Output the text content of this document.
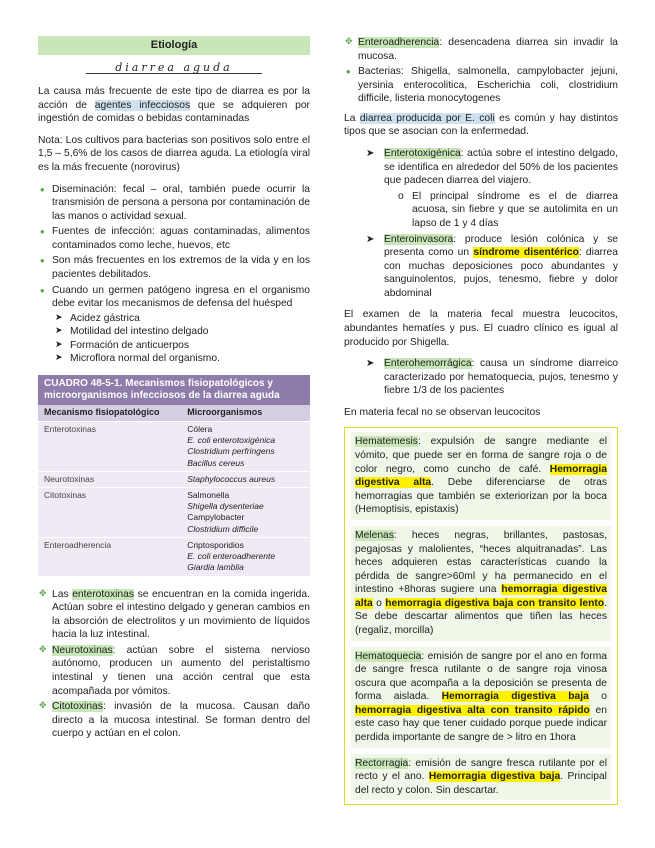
Etiología
diarrea aguda

La causa más frecuente de este tipo de diarrea es por la acción de agentes infecciosos que se adquieren por ingestión de comidas o bebidas contaminadas

Nota: Los cultivos para bacterias son positivos solo entre el 1,5 – 5,6% de los casos de diarrea aguda. La etiología viral es la más frecuente (norovirus)

• Diseminación: fecal – oral, también puede ocurrir la transmisión de persona a persona por contaminación de las manos o actividad sexual.
• Fuentes de infección: aguas contaminadas, alimentos contaminados como leche, huevos, etc
• Son más frecuentes en los extremos de la vida y en los pacientes debilitados.
• Cuando un germen patógeno ingresa en el organismo debe evitar los mecanismos de defensa del huésped
➤ Acidez gástrica
➤ Motilidad del intestino delgado
➤ Formación de anticuerpos
➤ Microflora normal del organismo.
CUADRO 48-5-1. Mecanismos fisiopatológicos y microorganismos infecciosos de la diarrea aguda	
Mecanismo fisiopatológico	Microorganismos
Enterotoxinas	Cólera
E. coli enterotoxigénica
Clostridium perfringens
Bacillus cereus

Neurotoxinas	Staphylococcus aureus

Citotoxinas	Salmonella
Shigella dysenteriae
Campylobacter
Clostridium difficile

Enteroadherencia	Criptosporidios
E. coli enteroadherente
Giardia lamblia
✥ Las enterotoxinas se encuentran en la comida ingerida. Actúan sobre el intestino delgado y generan cambios en la absorción de electrolitos y un movimiento de líquidos hacia la luz intestinal.
✥ Neurotoxinas: actúan sobre el sistema nervioso autónomo, producen un aumento del peristaltismo intestinal y tienen una acción central que esta acompañada por vómitos.
✥ Citotoxinas: invasión de la mucosa. Causan daño directo a la mucosa intestinal. Se forman dentro del cuerpo y actúan en el colon.
✥ Enteroadherencia: desencadena diarrea sin invadir la mucosa.
• Bacterias: Shigella, salmonella, campylobacter jejuni, yersinia enterocolitica, Escherichia coli, clostridium difficile, listeria monocytogenes

La diarrea producida por E. coli es común y hay distintos tipos que se asocian con la enfermedad.

➤ Enterotoxigénica: actúa sobre el intestino delgado, se identifica en alrededor del 50% de los pacientes que padecen diarrea del viajero.
o El principal síndrome es el de diarrea acuosa, sin fiebre y que se autolimita en un lapso de 1 y 4 días
➤ Enteroinvasora: produce lesión colónica y se presenta como un síndrome disentérico: diarrea con muchas deposiciones poco abundantes y sanguinolentos, pujos, tenesmo, fiebre y dolor abdominal

El examen de la materia fecal muestra leucocitos, abundantes hematíes y pus. El cuadro clínico es igual al producido por Shigella.

➤ Enterohemorrágica: causa un síndrome diarreico caracterizado por hematoquecia, pujos, tenesmo y fiebre 1/3 de los pacientes

En materia fecal no se observan leucocitos

Hematemesis: expulsión de sangre mediante el vómito, que puede ser en forma de sangre roja o de color negro, como cuncho de café. Hemorragia digestiva alta. Debe diferenciarse de otras hemorragias que también se exteriorizan por la boca (Hemoptisis, epistaxis)
Melenas: heces negras, brillantes, pastosas, pegajosas y malolientes, “heces alquitranadas”. Las heces adquieren estas características cuando la pérdida de sangre>60ml y ha permanecido en el intestino +8horas sugiere una hemorragia digestiva alta o hemorragia digestiva baja con transito lento. Se debe descartar alimentos que tiñen las heces (regaliz, morcilla)
Hematoquecia: emisión de sangre por el ano en forma de sangre fresca rutilante o de sangre roja vinosa oscura que acompaña a la deposición se presenta de forma aislada. Hemorragia digestiva baja o hemorragia digestiva alta con transito rápido en este caso hay que tener cuidado porque puede indicar perdida importante de sangre de > litro en 1hora
Rectorragia: emisión de sangre fresca rutilante por el recto y el ano. Hemorragia digestiva baja. Principal del recto y colon. Sin descartar.
